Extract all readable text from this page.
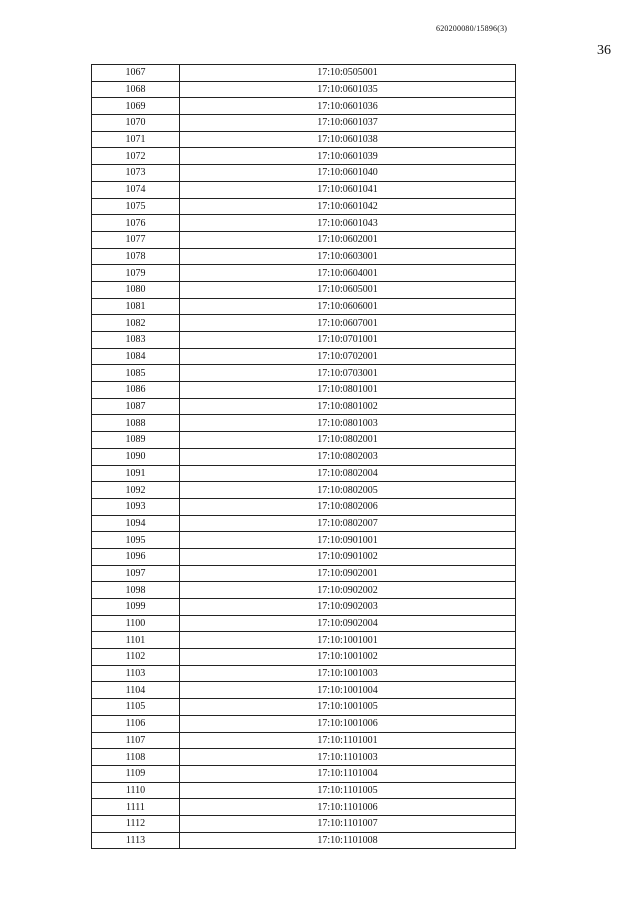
620200080/15896(3)
36
1067	17:10:0505001
1068	17:10:0601035
1069	17:10:0601036
1070	17:10:0601037
1071	17:10:0601038
1072	17:10:0601039
1073	17:10:0601040
1074	17:10:0601041
1075	17:10:0601042
1076	17:10:0601043
1077	17:10:0602001
1078	17:10:0603001
1079	17:10:0604001
1080	17:10:0605001
1081	17:10:0606001
1082	17:10:0607001
1083	17:10:0701001
1084	17:10:0702001
1085	17:10:0703001
1086	17:10:0801001
1087	17:10:0801002
1088	17:10:0801003
1089	17:10:0802001
1090	17:10:0802003
1091	17:10:0802004
1092	17:10:0802005
1093	17:10:0802006
1094	17:10:0802007
1095	17:10:0901001
1096	17:10:0901002
1097	17:10:0902001
1098	17:10:0902002
1099	17:10:0902003
1100	17:10:0902004
1101	17:10:1001001
1102	17:10:1001002
1103	17:10:1001003
1104	17:10:1001004
1105	17:10:1001005
1106	17:10:1001006
1107	17:10:1101001
1108	17:10:1101003
1109	17:10:1101004
1110	17:10:1101005
1111	17:10:1101006
1112	17:10:1101007
1113	17:10:1101008
